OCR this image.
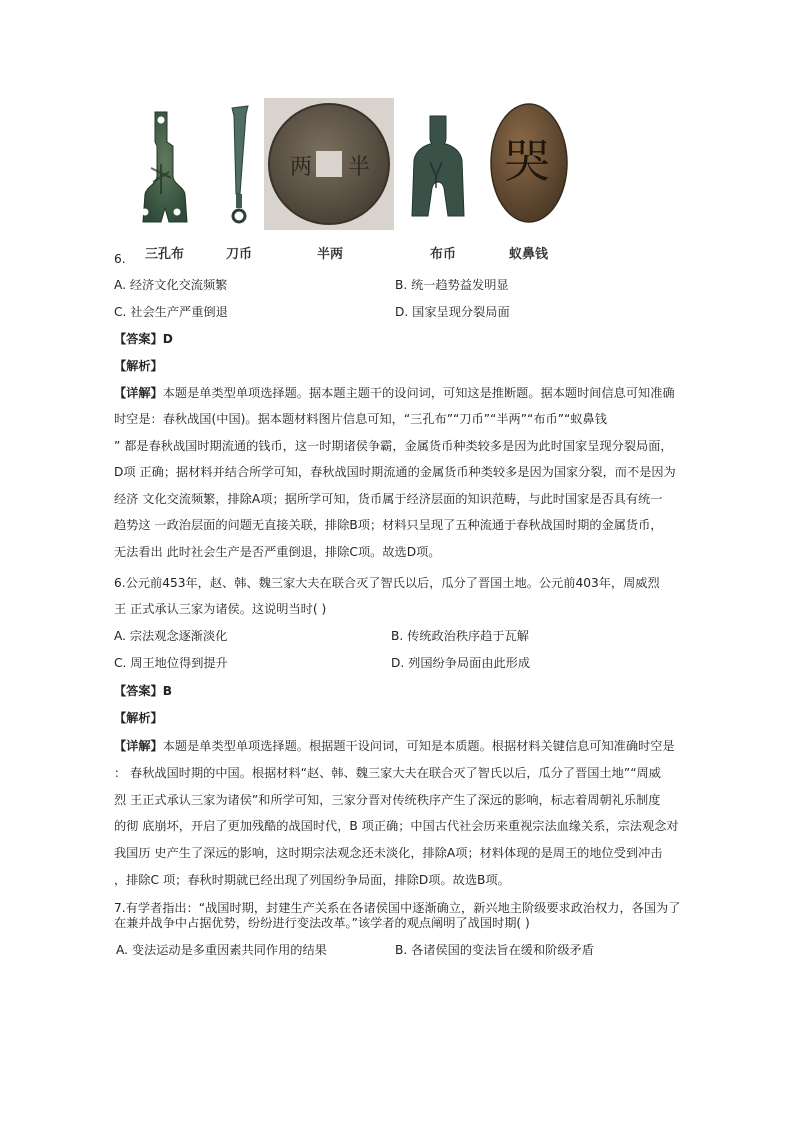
三孔布	刀币
两 半
半两	布币
哭
蚁鼻钱
6.
A. 经济文化交流频繁	B. 统一趋势益发明显
C. 社会生产严重倒退	D. 国家呈现分裂局面
【答案】D
【解析】
【详解】本题是单类型单项选择题。据本题主题干的设问词，可知这是推断题。据本题时间信息可知准确
时空是：春秋战国(中国)。据本题材料图片信息可知，“三孔布”“刀币”“半两”“布币”“蚁鼻钱
” 都是春秋战国时期流通的钱币，这一时期诸侯争霸，金属货币种类较多是因为此时国家呈现分裂局面，
D项 正确；据材料并结合所学可知，春秋战国时期流通的金属货币种类较多是因为国家分裂，而不是因为
经济 文化交流频繁，排除A项；据所学可知，货币属于经济层面的知识范畴，与此时国家是否具有统一
趋势这 一政治层面的问题无直接关联，排除B项；材料只呈现了五种流通于春秋战国时期的金属货币，
无法看出 此时社会生产是否严重倒退，排除C项。故选D项。
6.公元前453年，赵、韩、魏三家大夫在联合灭了智氏以后，瓜分了晋国土地。公元前403年，周威烈
王 正式承认三家为诸侯。这说明当时( )
A. 宗法观念逐渐淡化	B. 传统政治秩序趋于瓦解
C. 周王地位得到提升	D. 列国纷争局面由此形成
【答案】B
【解析】
【详解】本题是单类型单项选择题。根据题干设问词，可知是本质题。根据材料关键信息可知准确时空是
： 春秋战国时期的中国。根据材料“赵、韩、魏三家大夫在联合灭了智氏以后，瓜分了晋国土地”“周威
烈 王正式承认三家为诸侯”和所学可知，三家分晋对传统秩序产生了深远的影响，标志着周朝礼乐制度
的彻 底崩坏，开启了更加残酷的战国时代，B 项正确；中国古代社会历来重视宗法血缘关系，宗法观念对
我国历 史产生了深远的影响，这时期宗法观念还未淡化，排除A项；材料体现的是周王的地位受到冲击
，排除C 项；春秋时期就已经出现了列国纷争局面，排除D项。故选B项。
7.有学者指出：“战国时期，封建生产关系在各诸侯国中逐渐确立，新兴地主阶级要求政治权力，各国为了
在兼并战争中占据优势，纷纷进行变法改革。”该学者的观点阐明了战国时期( )
A. 变法运动是多重因素共同作用的结果	B. 各诸侯国的变法旨在缓和阶级矛盾
